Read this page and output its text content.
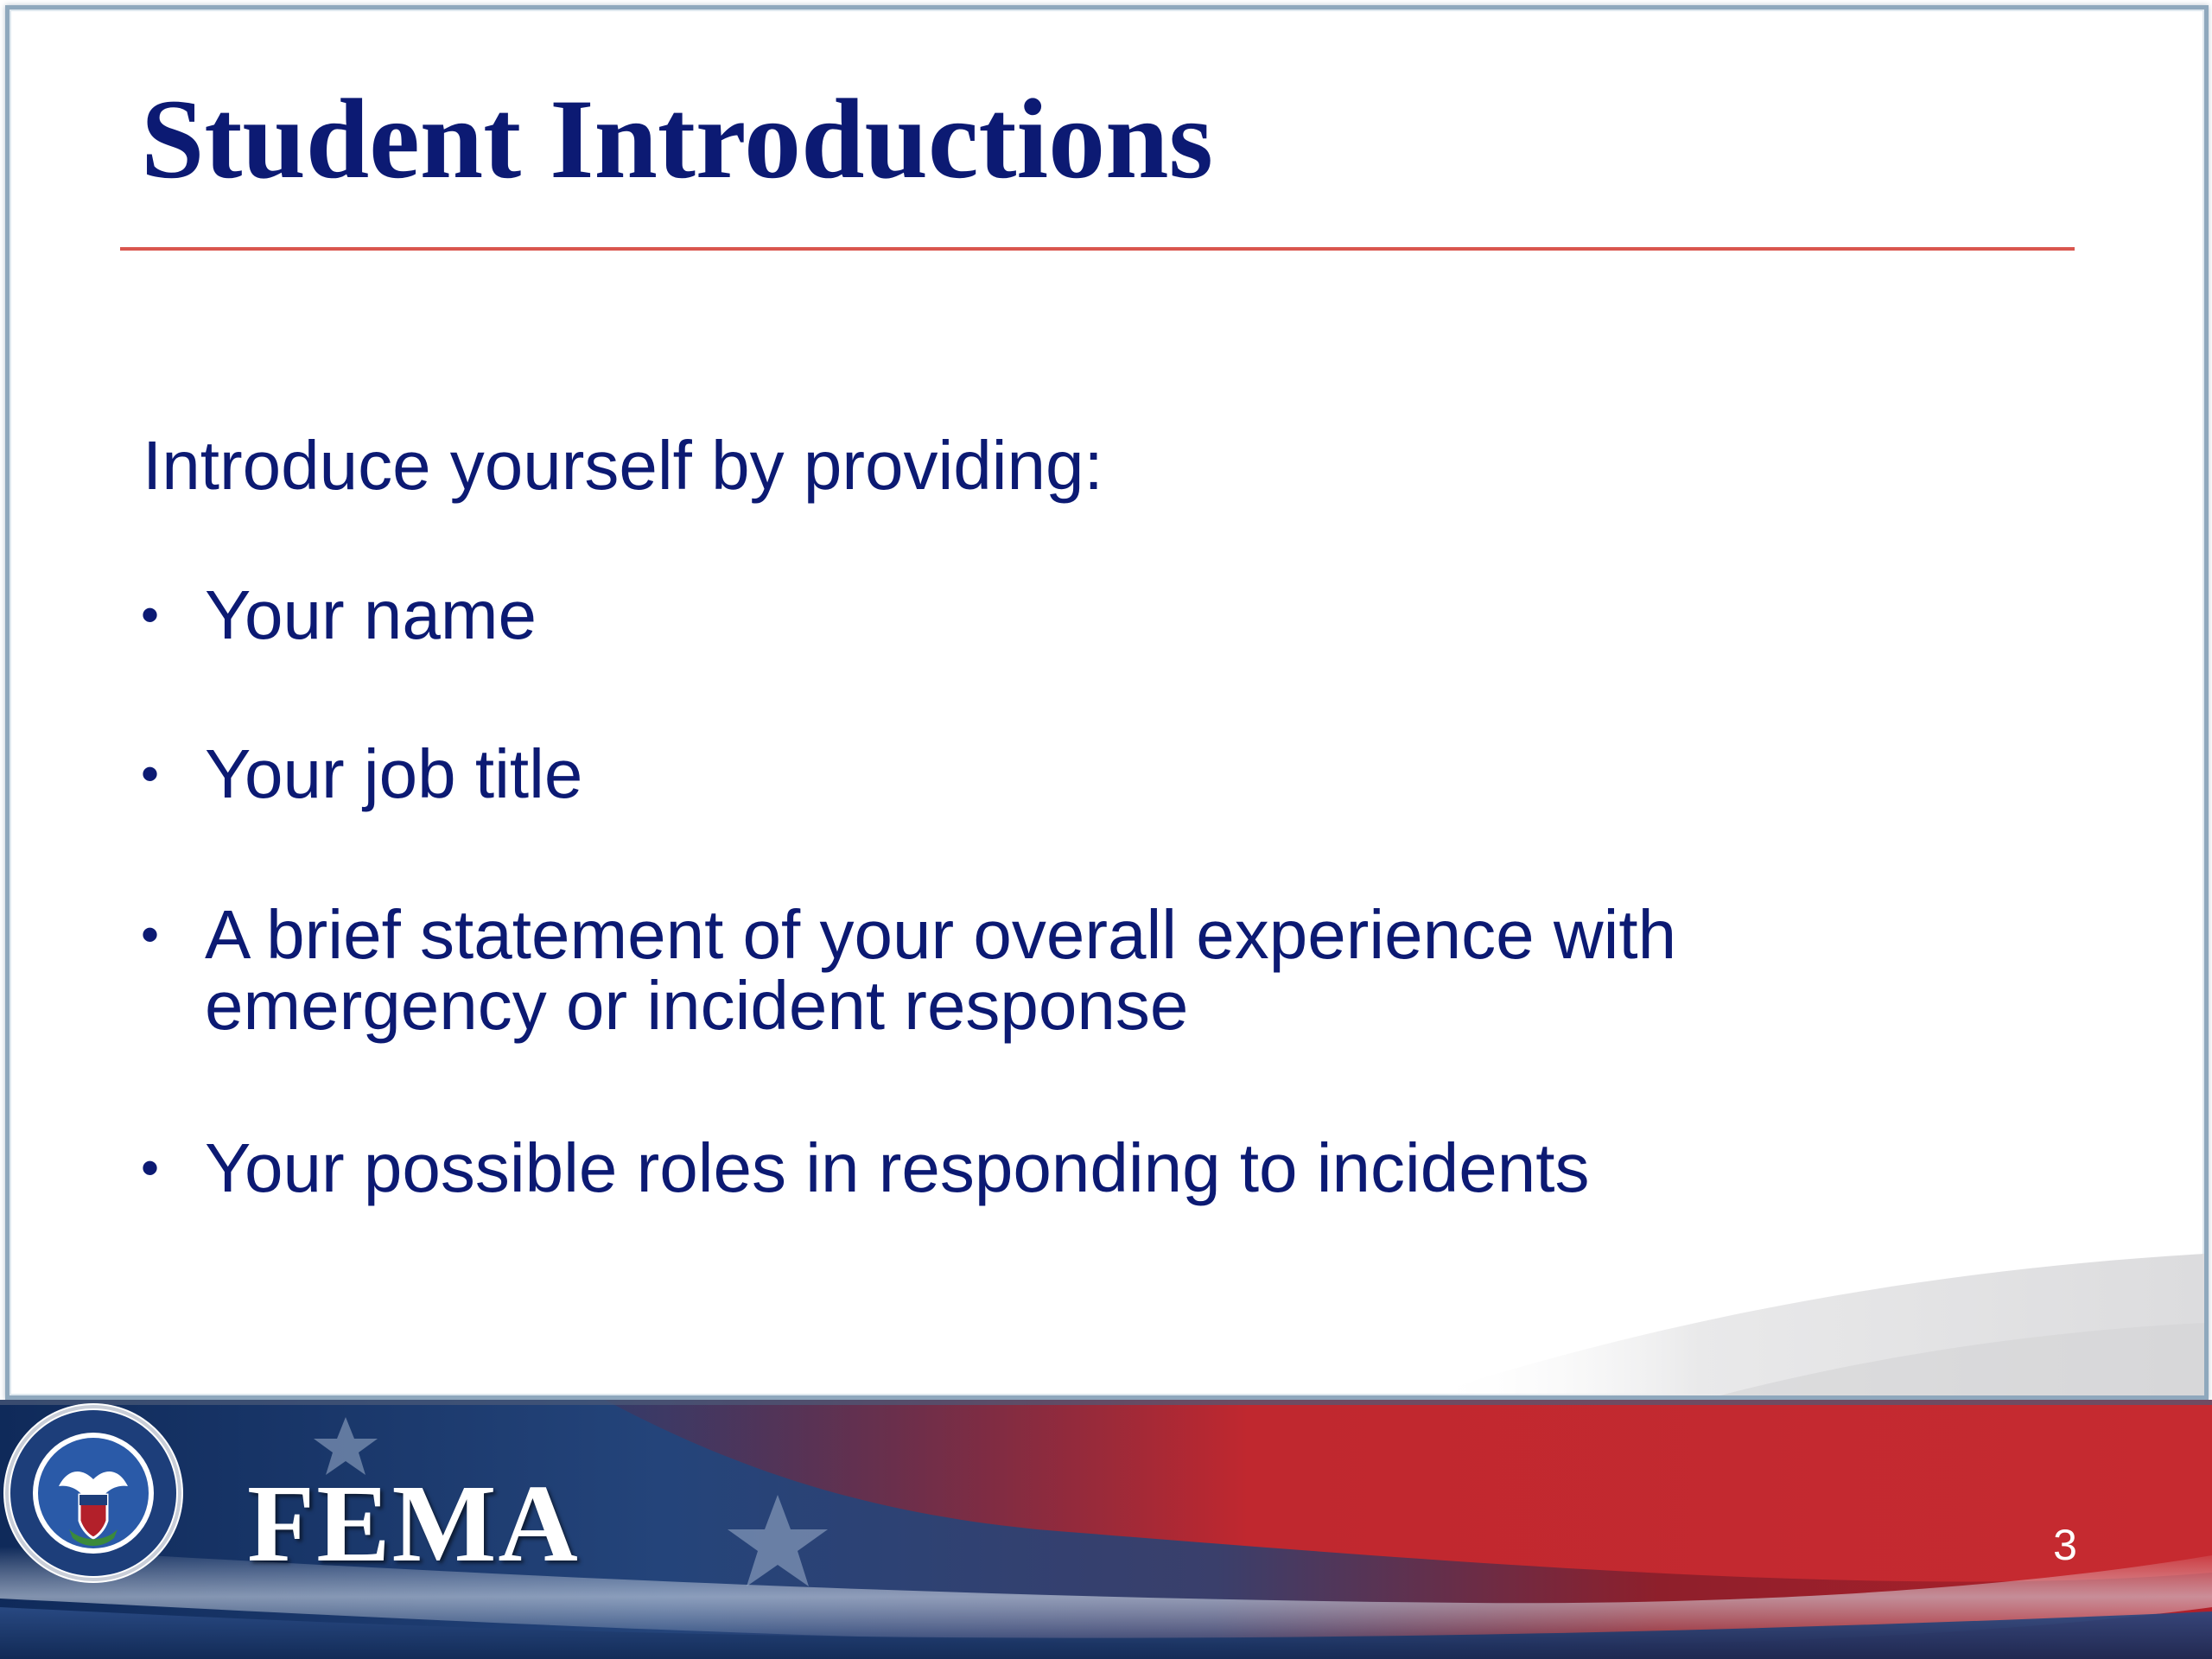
Student Introductions

Introduce yourself by providing:

• Your name
• Your job title
• A brief statement of your overall experience with emergency or incident response
• Your possible roles in responding to incidents
FEMA	3
